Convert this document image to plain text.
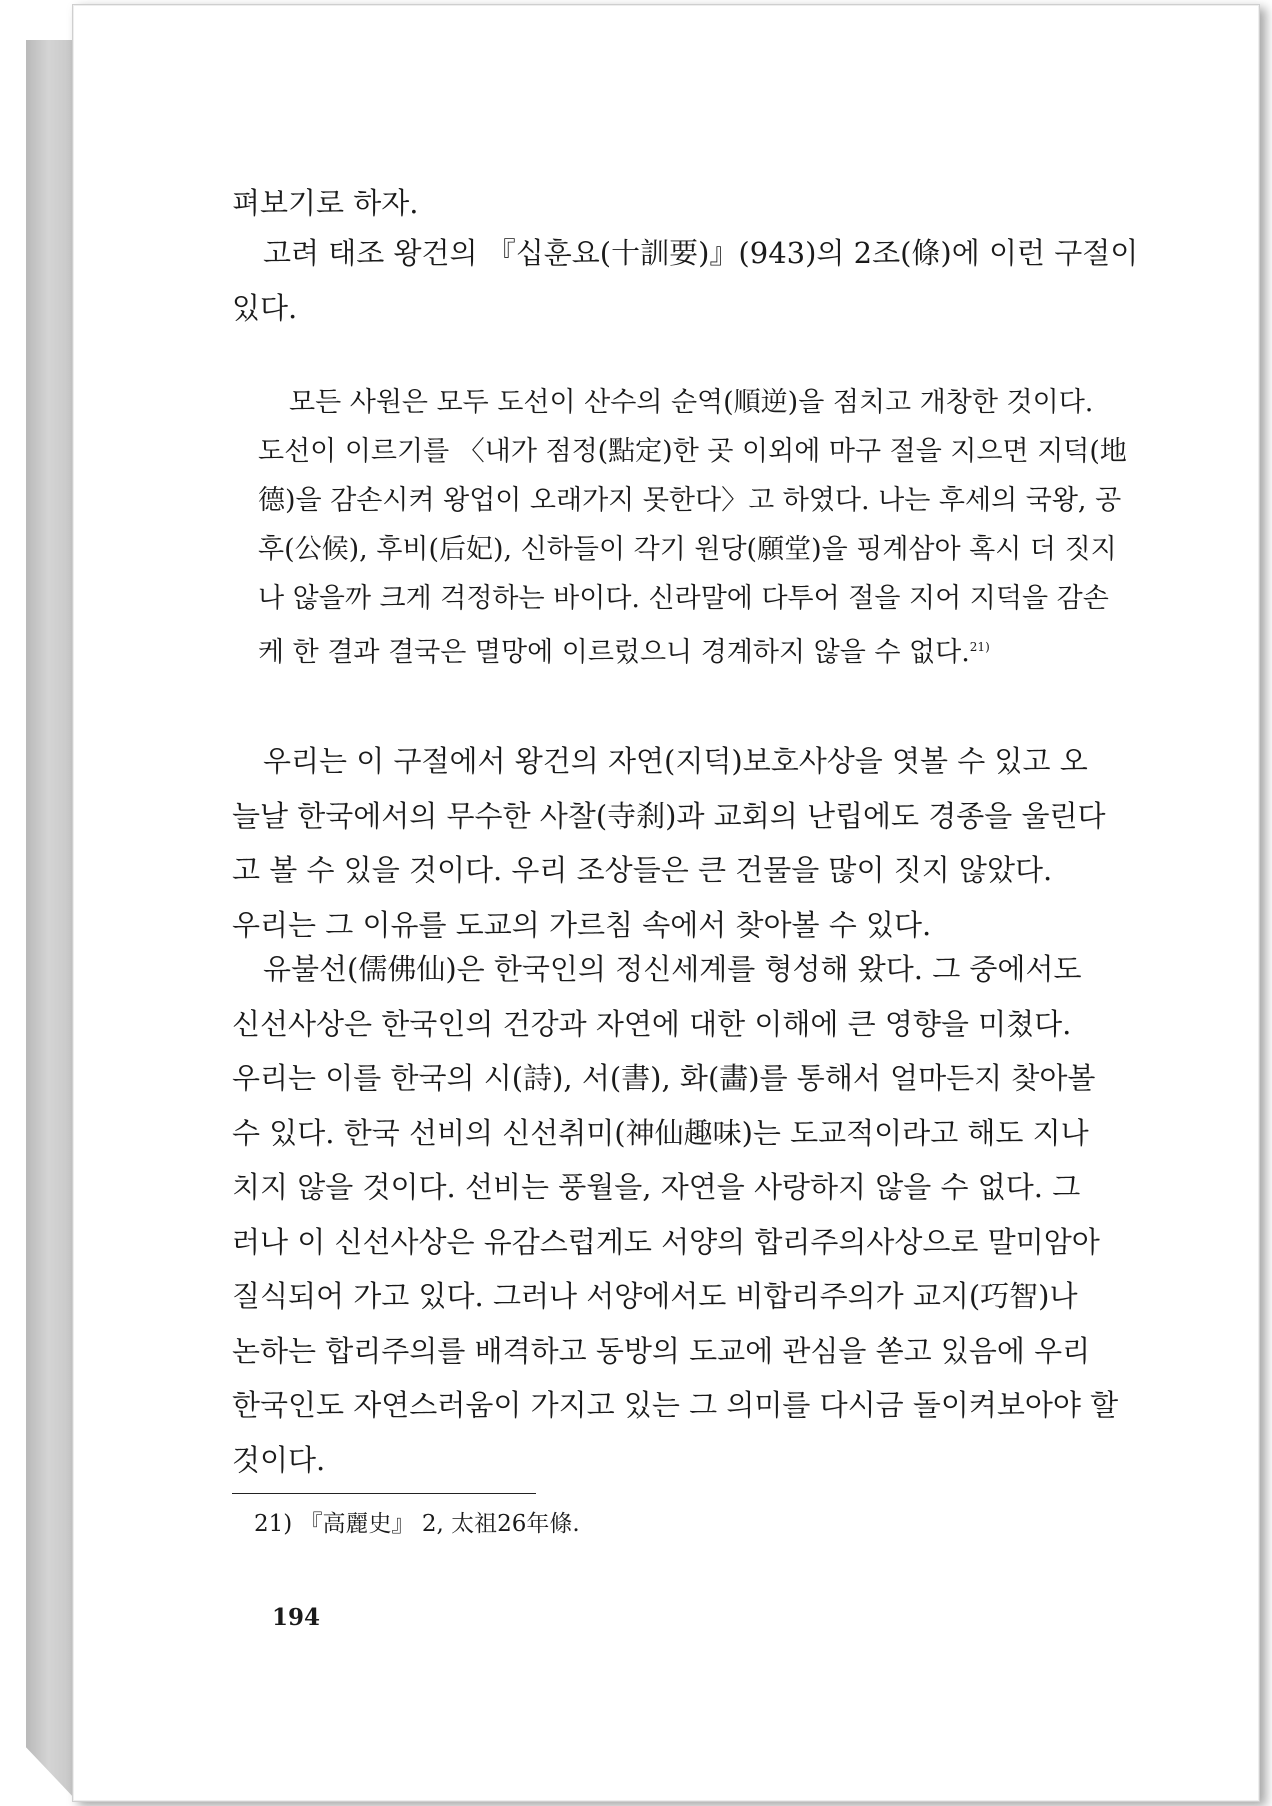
펴보기로 하자.
고려 태조 왕건의 『십훈요(十訓要)』(943)의 2조(條)에 이런 구절이
있다.
모든 사원은 모두 도선이 산수의 순역(順逆)을 점치고 개창한 것이다.
도선이 이르기를 〈내가 점정(點定)한 곳 이외에 마구 절을 지으면 지덕(地
德)을 감손시켜 왕업이 오래가지 못한다〉고 하였다. 나는 후세의 국왕, 공
후(公候), 후비(后妃), 신하들이 각기 원당(願堂)을 핑계삼아 혹시 더 짓지
나 않을까 크게 걱정하는 바이다. 신라말에 다투어 절을 지어 지덕을 감손
케 한 결과 결국은 멸망에 이르렀으니 경계하지 않을 수 없다.$^{21)}$
우리는 이 구절에서 왕건의 자연(지덕)보호사상을 엿볼 수 있고 오
늘날 한국에서의 무수한 사찰(寺刹)과 교회의 난립에도 경종을 울린다
고 볼 수 있을 것이다. 우리 조상들은 큰 건물을 많이 짓지 않았다.
우리는 그 이유를 도교의 가르침 속에서 찾아볼 수 있다.
유불선(儒佛仙)은 한국인의 정신세계를 형성해 왔다. 그 중에서도
신선사상은 한국인의 건강과 자연에 대한 이해에 큰 영향을 미쳤다.
우리는 이를 한국의 시(詩), 서(書), 화(畵)를 통해서 얼마든지 찾아볼
수 있다. 한국 선비의 신선취미(神仙趣味)는 도교적이라고 해도 지나
치지 않을 것이다. 선비는 풍월을, 자연을 사랑하지 않을 수 없다. 그
러나 이 신선사상은 유감스럽게도 서양의 합리주의사상으로 말미암아
질식되어 가고 있다. 그러나 서양에서도 비합리주의가 교지(巧智)나
논하는 합리주의를 배격하고 동방의 도교에 관심을 쏟고 있음에 우리
한국인도 자연스러움이 가지고 있는 그 의미를 다시금 돌이켜보아야 할
것이다.
21) 『高麗史』 2, 太祖26年條.
194
